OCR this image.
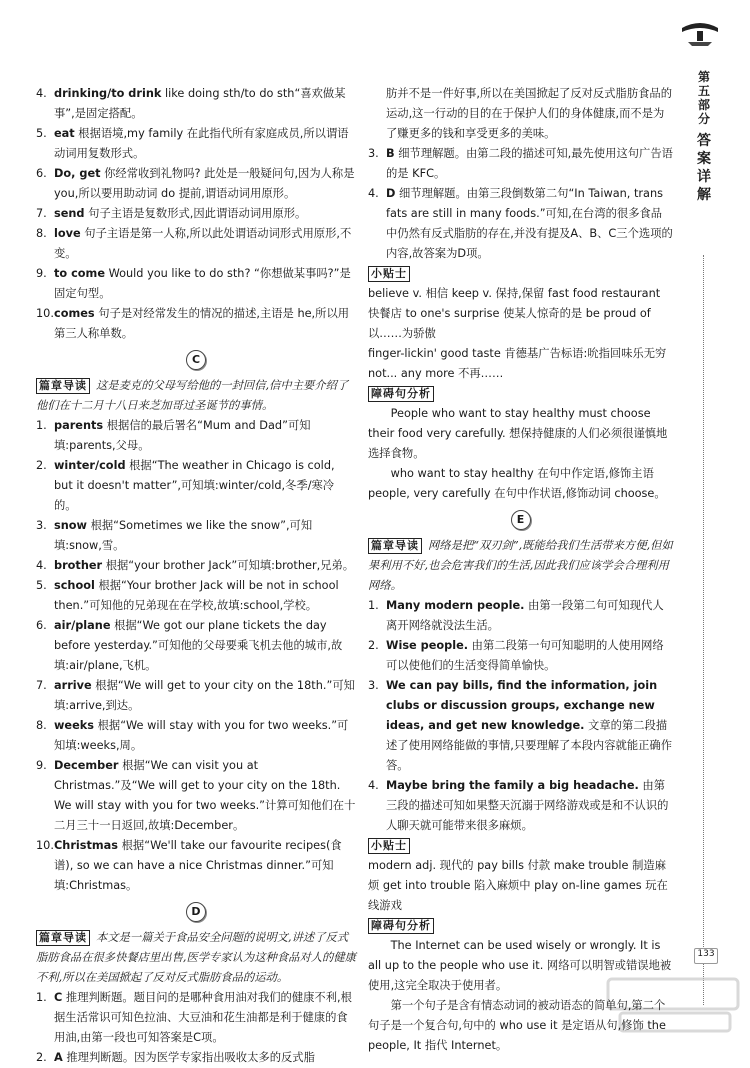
第五部分
答案详解
133

4. drinking/to drink like doing sth/to do sth“喜欢做某事”,是固定搭配。

5. eat 根据语境,my family 在此指代所有家庭成员,所以谓语动词用复数形式。

6. Do, get 你经常收到礼物吗? 此处是一般疑问句,因为人称是 you,所以要用助动词 do 提前,谓语动词用原形。

7. send 句子主语是复数形式,因此谓语动词用原形。

8. love 句子主语是第一人称,所以此处谓语动词形式用原形,不变。

9. to come Would you like to do sth? “你想做某事吗?”是固定句型。

10. comes 句子是对经常发生的情况的描述,主语是 he,所以用第三人称单数。

C

篇章导读 这是麦克的父母写给他的一封回信,信中主要介绍了他们在十二月十八日来芝加哥过圣诞节的事情。

1. parents 根据信的最后署名“Mum and Dad”可知填:parents,父母。

2. winter/cold 根据“The weather in Chicago is cold, but it doesn't matter”,可知填:winter/cold,冬季/寒冷的。

3. snow 根据“Sometimes we like the snow”,可知填:snow,雪。

4. brother 根据“your brother Jack”可知填:brother,兄弟。

5. school 根据“Your brother Jack will be not in school then.”可知他的兄弟现在在学校,故填:school,学校。

6. air/plane 根据“We got our plane tickets the day before yesterday.”可知他的父母要乘飞机去他的城市,故填:air/plane,飞机。

7. arrive 根据“We will get to your city on the 18th.”可知填:arrive,到达。

8. weeks 根据“We will stay with you for two weeks.”可知填:weeks,周。

9. December 根据“We can visit you at Christmas.”及“We will get to your city on the 18th. We will stay with you for two weeks.”计算可知他们在十二月三十一日返回,故填:December。

10. Christmas 根据“We'll take our favourite recipes(食谱), so we can have a nice Christmas dinner.”可知填:Christmas。

D

篇章导读 本文是一篇关于食品安全问题的说明文,讲述了反式脂肪食品在很多快餐店里出售,医学专家认为这种食品对人的健康不利,所以在美国掀起了反对反式脂肪食品的运动。

1. C 推理判断题。题目问的是哪种食用油对我们的健康不利,根据生活常识可知色拉油、大豆油和花生油都是利于健康的食用油,由第一段也可知答案是C项。

2. A 推理判断题。因为医学专家指出吸收太多的反式脂

肪并不是一件好事,所以在美国掀起了反对反式脂肪食品的运动,这一行动的目的在于保护人们的身体健康,而不是为了赚更多的钱和享受更多的美味。

3. B 细节理解题。由第二段的描述可知,最先使用这句广告语的是 KFC。

4. D 细节理解题。由第三段倒数第二句“In Taiwan, trans fats are still in many foods.”可知,在台湾的很多食品中仍然有反式脂肪的存在,并没有提及A、B、C三个选项的内容,故答案为D项。

小贴士

believe v. 相信 keep v. 保持,保留 fast food restaurant 快餐店 to one's surprise 使某人惊奇的是 be proud of 以……为骄傲

finger-lickin' good taste 肯德基广告标语:吮指回味乐无穷 not... any more 不再……

障碍句分析

People who want to stay healthy must choose their food very carefully. 想保持健康的人们必须很谨慎地选择食物。

who want to stay healthy 在句中作定语,修饰主语 people, very carefully 在句中作状语,修饰动词 choose。

E

篇章导读 网络是把“双刃剑”,既能给我们生活带来方便,但如果利用不好,也会危害我们的生活,因此我们应该学会合理利用网络。

1. Many modern people. 由第一段第二句可知现代人离开网络就没法生活。

2. Wise people. 由第二段第一句可知聪明的人使用网络可以使他们的生活变得简单愉快。

3. We can pay bills, find the information, join clubs or discussion groups, exchange new ideas, and get new knowledge. 文章的第二段描述了使用网络能做的事情,只要理解了本段内容就能正确作答。

4. Maybe bring the family a big headache. 由第三段的描述可知如果整天沉溺于网络游戏或是和不认识的人聊天就可能带来很多麻烦。

小贴士

modern adj. 现代的 pay bills 付款 make trouble 制造麻烦 get into trouble 陷入麻烦中 play on-line games 玩在线游戏

障碍句分析

The Internet can be used wisely or wrongly. It is all up to the people who use it. 网络可以明智或错误地被使用,这完全取决于使用者。

第一个句子是含有情态动词的被动语态的简单句,第二个句子是一个复合句,句中的 who use it 是定语从句,修饰 the people, It 指代 Internet。
